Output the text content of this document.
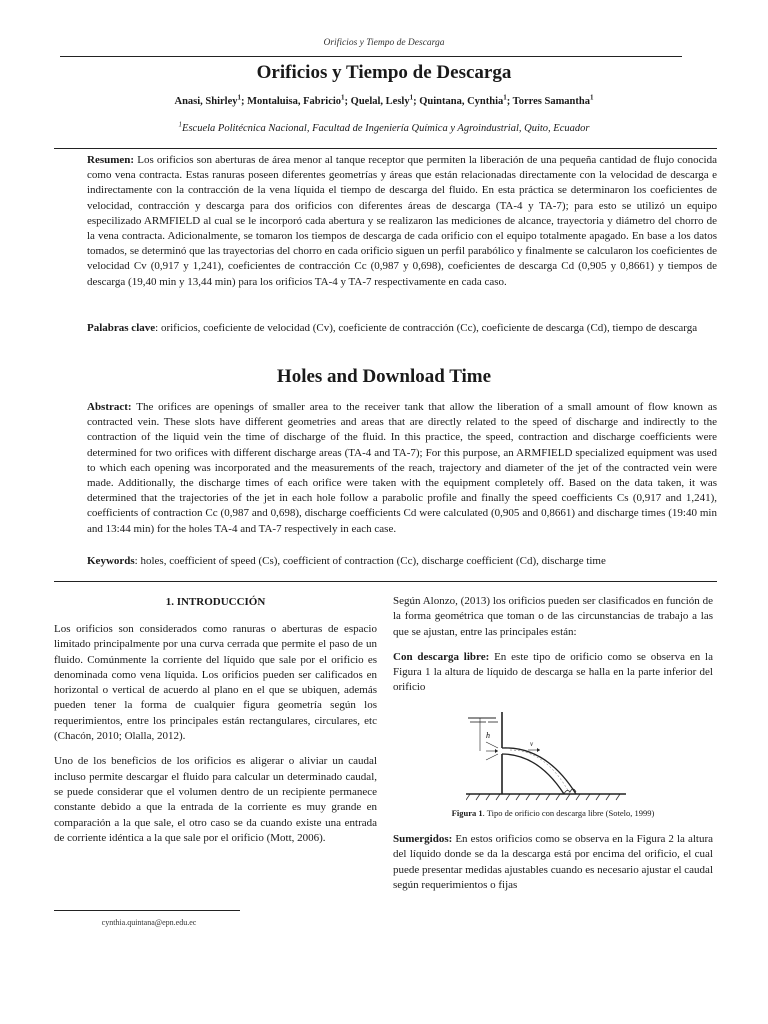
Orificios y Tiempo de Descarga
Orificios y Tiempo de Descarga
Anasi, Shirley$^1$; Montaluisa, Fabricio$^1$; Quelal, Lesly$^1$; Quintana, Cynthia$^1$; Torres Samantha$^1$
$^1$Escuela Politécnica Nacional, Facultad de Ingeniería Química y Agroindustrial, Quito, Ecuador
Resumen: Los orificios son aberturas de área menor al tanque receptor que permiten la liberación de una pequeña cantidad de flujo conocida como vena contracta. Estas ranuras poseen diferentes geometrías y áreas que están relacionadas directamente con la velocidad de descarga e indirectamente con la contracción de la vena líquida el tiempo de descarga del fluido. En esta práctica se determinaron los coeficientes de velocidad, contracción y descarga para dos orificios con diferentes áreas de descarga (TA-4 y TA-7); para esto se utilizó un equipo especilizado ARMFIELD al cual se le incorporó cada abertura y se realizaron las mediciones de alcance, trayectoria y diámetro del chorro de la vena contracta. Adicionalmente, se tomaron los tiempos de descarga de cada orificio con el equipo totalmente apagado. En base a los datos tomados, se determinó que las trayectorias del chorro en cada orificio siguen un perfil parabólico y finalmente se calcularon los coeficientes de velocidad Cv (0,917 y 1,241), coeficientes de contracción Cc (0,987 y 0,698), coeficientes de descarga Cd (0,905 y 0,8661) y tiempos de descarga (19,40 min y 13,44 min) para los orificios TA-4 y TA-7 respectivamente en cada caso.
Palabras clave: orificios, coeficiente de velocidad (Cv), coeficiente de contracción (Cc), coeficiente de descarga (Cd), tiempo de descarga
Holes and Download Time
Abstract: The orifices are openings of smaller area to the receiver tank that allow the liberation of a small amount of flow known as contracted vein. These slots have different geometries and areas that are directly related to the speed of discharge and indirectly to the contraction of the liquid vein the time of discharge of the fluid. In this practice, the speed, contraction and discharge coefficients were determined for two orifices with different discharge areas (TA-4 and TA-7); For this purpose, an ARMFIELD specialized equipment was used to which each opening was incorporated and the measurements of the reach, trajectory and diameter of the jet of the contracted vein were made. Additionally, the discharge times of each orifice were taken with the equipment completely off. Based on the data taken, it was determined that the trajectories of the jet in each hole follow a parabolic profile and finally the speed coefficients Cs (0,917 and 1,241), coefficients of contraction Cc (0,987 and 0,698), discharge coefficients Cd were calculated (0,905 and 0,8661) and discharge times (19:40 min and 13:44 min) for the holes TA-4 and TA-7 respectively in each case.
Keywords: holes, coefficient of speed (Cs), coefficient of contraction (Cc), discharge coefficient (Cd), discharge time
1. INTRODUCCIÓN

Los orificios son considerados como ranuras o aberturas de espacio limitado principalmente por una curva cerrada que permite el paso de un fluido. Comúnmente la corriente del líquido que sale por el orificio es denominada como vena líquida. Los orificios pueden ser calificados en horizontal o vertical de acuerdo al plano en el que se ubiquen, además pueden tener la forma de cualquier figura geometría según los requerimientos, entre los principales están rectangulares, circulares, etc (Chacón, 2010; Olalla, 2012).

Uno de los beneficios de los orificios es aligerar o aliviar un caudal incluso permite descargar el fluido para calcular un determinado caudal, se puede considerar que el volumen dentro de un recipiente permanece constante debido a que la entrada de la corriente es muy grande en comparación a la que sale, el otro caso se da cuando existe una entrada de corriente idéntica a la que sale por el orificio (Mott, 2006).

cynthia.quintana@epn.edu.ec

Según Alonzo, (2013) los orificios pueden ser clasificados en función de la forma geométrica que toman o de las circunstancias de trabajo a las que se ajustan, entre las principales están:

Con descarga libre: En este tipo de orificio como se observa en la Figura 1 la altura de líquido de descarga se halla en la parte inferior del orificio

h
v
Figura 1. Tipo de orificio con descarga libre (Sotelo, 1999)

Sumergidos: En estos orificios como se observa en la Figura 2 la altura del líquido donde se da la descarga está por encima del orificio, el cual puede presentar medidas ajustables cuando es necesario ajustar el caudal según requerimientos o fijas
